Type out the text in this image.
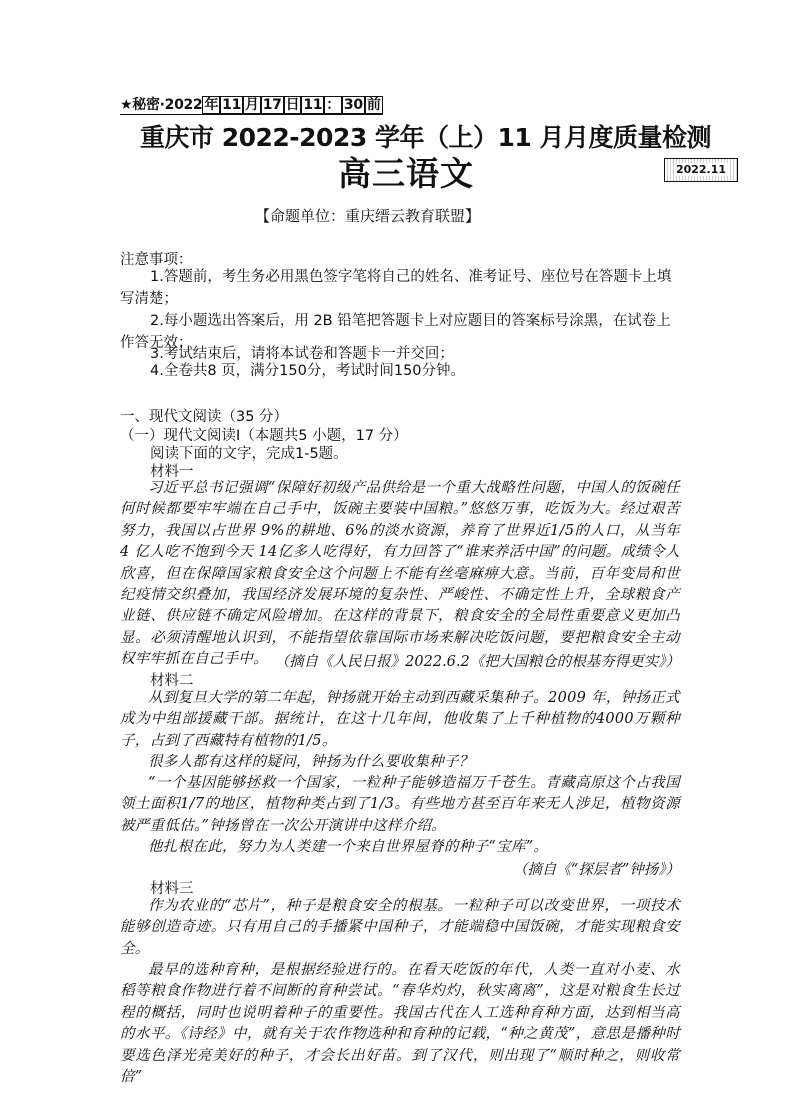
★秘密·2022 年 11 月 17 日 11 ： 30 前
重庆市 2022-2023 学年（上）11 月月度质量检测
高三语文	2022.11
【命题单位：重庆缙云教育联盟】
注意事项：
1.答题前，考生务必用黑色签字笔将自己的姓名、准考证号、座位号在答题卡上填写清楚；
2.每小题选出答案后，用 2B 铅笔把答题卡上对应题目的答案标号涂黑，在试卷上作答无效；
3.考试结束后，请将本试卷和答题卡一并交回；
4.全卷共8 页，满分150分，考试时间150分钟。
一、现代文阅读（35 分）
（一）现代文阅读Ⅰ（本题共5 小题，17 分）
阅读下面的文字，完成1-5题。
材料一
习近平总书记强调“保障好初级产品供给是一个重大战略性问题，中国人的饭碗任何时候都要牢牢端在自己手中，饭碗主要装中国粮。”悠悠万事，吃饭为大。经过艰苦努力，我国以占世界 9%的耕地、6%的淡水资源，养育了世界近1/5的人口，从当年 4 亿人吃不饱到今天 14亿多人吃得好，有力回答了“谁来养活中国”的问题。成绩令人欣喜，但在保障国家粮食安全这个问题上不能有丝毫麻痹大意。当前，百年变局和世纪疫情交织叠加，我国经济发展环境的复杂性、严峻性、不确定性上升，全球粮食产业链、供应链不确定风险增加。在这样的背景下，粮食安全的全局性重要意义更加凸显。必须清醒地认识到，不能指望依靠国际市场来解决吃饭问题，要把粮食安全主动权牢牢抓在自己手中。 （摘自《人民日报》2022.6.2《把大国粮仓的根基夯得更实》）
材料二
从到复旦大学的第二年起，钟扬就开始主动到西藏采集种子。2009 年，钟扬正式成为中组部援藏干部。据统计，在这十几年间，他收集了上千种植物的4000万颗种子，占到了西藏特有植物的1/5。
很多人都有这样的疑问，钟扬为什么要收集种子？
“一个基因能够拯救一个国家，一粒种子能够造福万千苍生。青藏高原这个占我国领土面积1/7的地区，植物种类占到了1/3。有些地方甚至百年来无人涉足，植物资源被严重低估。”钟扬曾在一次公开演讲中这样介绍。
他扎根在此，努力为人类建一个来自世界屋脊的种子“宝库”。
（摘自《“探层者”钟扬》）
材料三
作为农业的“芯片”，种子是粮食安全的根基。一粒种子可以改变世界，一项技术能够创造奇迹。只有用自己的手播紧中国种子，才能端稳中国饭碗，才能实现粮食安全。
最早的选种育种，是根据经验进行的。在看天吃饭的年代，人类一直对小麦、水稻等粮食作物进行着不间断的育种尝试。“春华灼灼，秋实离离”，这是对粮食生长过程的概括，同时也说明着种子的重要性。我国古代在人工选种育种方面，达到相当高的水平。《诗经》中，就有关于农作物选种和育种的记载，“种之黄茂”，意思是播种时要选色泽光亮美好的种子，才会长出好苗。到了汉代，则出现了“顺时种之，则收常倍”
